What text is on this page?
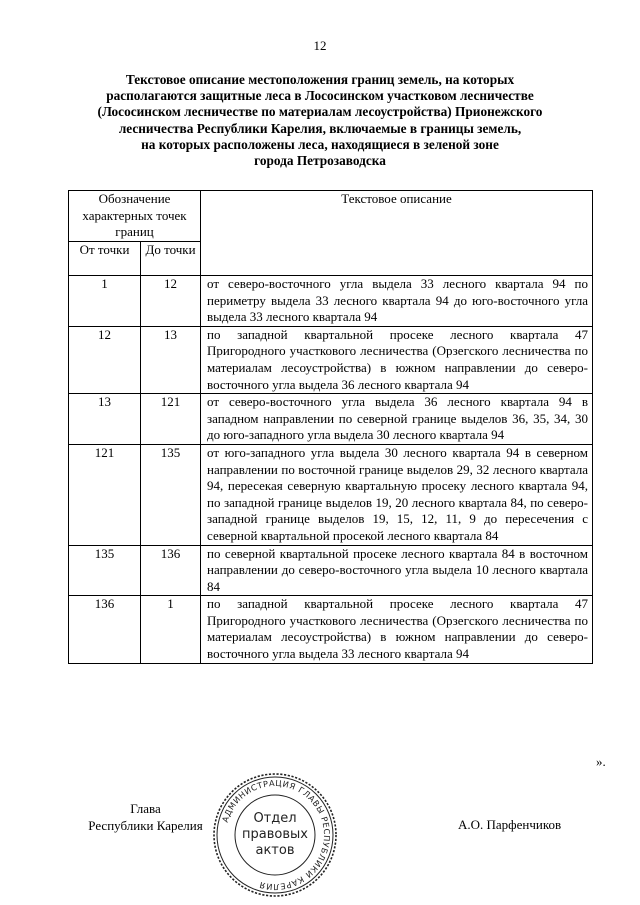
12
Текстовое описание местоположения границ земель, на которых
располагаются защитные леса в Лососинском участковом лесничестве
(Лососинском лесничестве по материалам лесоустройства) Прионежского
лесничества Республики Карелия, включаемые в границы земель,
на которых расположены леса, находящиеся в зеленой зоне
города Петрозаводска
Обозначение характерных точек границ		Текстовое описание
От точки	До точки	
1	12	от северо-восточного угла выдела 33 лесного квартала 94 по периметру выдела 33 лесного квартала 94 до юго-восточного угла выдела 33 лесного квартала 94
12	13	по западной квартальной просеке лесного квартала 47 Пригородного участкового лесничества (Орзегского лесничества по материалам лесоустройства) в южном направлении до северо-восточного угла выдела 36 лесного квартала 94
13	121	от северо-восточного угла выдела 36 лесного квартала 94 в западном направлении по северной границе выделов 36, 35, 34, 30 до юго-западного угла выдела 30 лесного квартала 94
121	135	от юго-западного угла выдела 30 лесного квартала 94 в северном направлении по восточной границе выделов 29, 32 лесного квартала 94, пересекая северную квартальную просеку лесного квартала 94, по западной границе выделов 19, 20 лесного квартала 84, по северо-западной границе выделов 19, 15, 12, 11, 9 до пересечения с северной квартальной просекой лесного квартала 84
135	136	по северной квартальной просеке лесного квартала 84 в восточном направлении до северо-восточного угла выдела 10 лесного квартала 84
136	1	по западной квартальной просеке лесного квартала 47 Пригородного участкового лесничества (Орзегского лесничества по материалам лесоустройства) в южном направлении до северо-восточного угла выдела 33 лесного квартала 94
».
Глава
Республики Карелия	АДМИНИСТРАЦИЯ ГЛАВЫ РЕСПУБЛИКИ КАРЕЛИЯ
Отдел
правовых
актов
А.О. Парфенчиков
